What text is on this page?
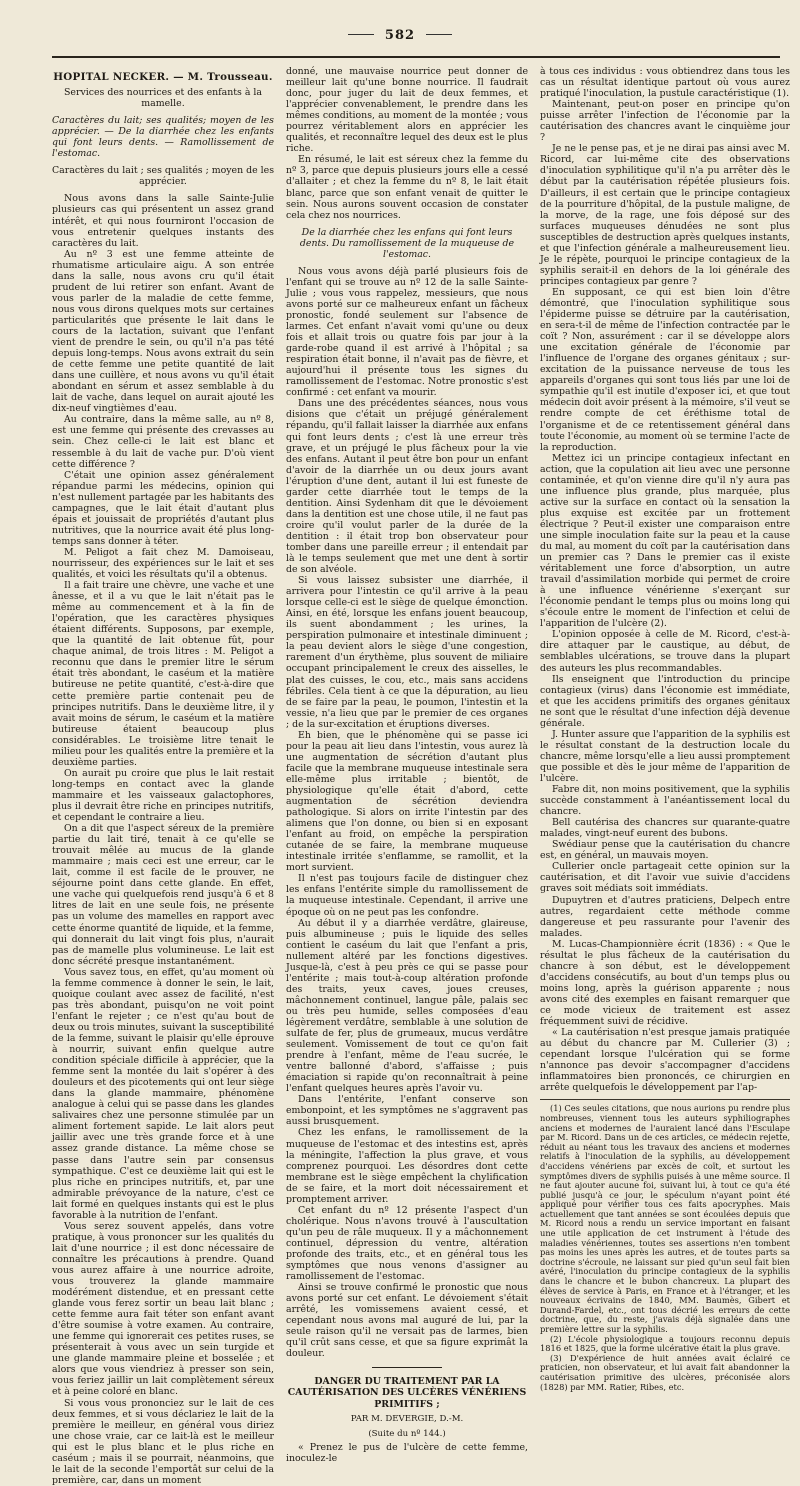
582

HOPITAL NECKER. — M. Trousseau.

Services des nourrices et des enfants à la mamelle.

Caractères du lait; ses qualités; moyen de les apprécier. — De la diarrhée chez les enfants qui font leurs dents. — Ramollissement de l'estomac.

Caractères du lait ; ses qualités ; moyen de les apprécier.

Nous avons dans la salle Sainte-Julie plusieurs cas qui présentent un assez grand intérêt, et qui nous fourniront l'occasion de vous entretenir quelques instants des caractères du lait.

Au nº 3 est une femme atteinte de rhumatisme articulaire aigu. A son entrée dans la salle, nous avons cru qu'il était prudent de lui retirer son enfant. Avant de vous parler de la maladie de cette femme, nous vous dirons quelques mots sur certaines particularités que présente le lait dans le cours de la lactation, suivant que l'enfant vient de prendre le sein, ou qu'il n'a pas tété depuis long-temps. Nous avons extrait du sein de cette femme une petite quantité de lait dans une cuillère, et nous avons vu qu'il était abondant en sérum et assez semblable à du lait de vache, dans lequel on aurait ajouté les dix-neuf vingtièmes d'eau.

Au contraire, dans la même salle, au nº 8, est une femme qui présente des crevasses au sein. Chez celle-ci le lait est blanc et ressemble à du lait de vache pur. D'où vient cette différence ?

C'était une opinion assez généralement répandue parmi les médecins, opinion qui n'est nullement partagée par les habitants des campagnes, que le lait était d'autant plus épais et jouissait de propriétés d'autant plus nutritives, que la nourrice avait été plus long-temps sans donner à téter.

M. Peligot a fait chez M. Damoiseau, nourrisseur, des expériences sur le lait et ses qualités, et voici les résultats qu'il a obtenus.

Il a fait traire une chèvre, une vache et une ânesse, et il a vu que le lait n'était pas le même au commencement et à la fin de l'opération, que les caractères physiques étaient différents. Supposons, par exemple, que la quantité de lait obtenue fût, pour chaque animal, de trois litres : M. Peligot a reconnu que dans le premier litre le sérum était très abondant, le caséum et la matière butireuse ne petite quantité, c'est-à-dire que cette première partie contenait peu de principes nutritifs. Dans le deuxième litre, il y avait moins de sérum, le caséum et la matière butireuse étaient beaucoup plus considérables. Le troisième litre tenait le milieu pour les qualités entre la première et la deuxième parties.

On aurait pu croire que plus le lait restait long-temps en contact avec la glande mammaire et les vaisseaux galactophores, plus il devrait être riche en principes nutritifs, et cependant le contraire a lieu.

On a dit que l'aspect séreux de la première partie du lait tiré, tenait à ce qu'elle se trouvait mêlée au mucus de la glande mammaire ; mais ceci est une erreur, car le lait, comme il est facile de le prouver, ne séjourne point dans cette glande. En effet, une vache qui quelquefois rend jusqu'à 6 et 8 litres de lait en une seule fois, ne présente pas un volume des mamelles en rapport avec cette énorme quantité de liquide, et la femme, qui donnerait du lait vingt fois plus, n'aurait pas de mamelle plus volumineuse. Le lait est donc sécrété presque instantanément.

Vous savez tous, en effet, qu'au moment où la femme commence à donner le sein, le lait, quoique coulant avec assez de facilité, n'est pas très abondant, puisqu'on ne voit point l'enfant le rejeter ; ce n'est qu'au bout de deux ou trois minutes, suivant la susceptibilité de la femme, suivant le plaisir qu'elle éprouve à nourrir, suivant enfin quelque autre condition spéciale difficile à apprécier, que la femme sent la montée du lait s'opérer à des douleurs et des picotements qui ont leur siège dans la glande mammaire, phénomène analogue à celui qui se passe dans les glandes salivaires chez une personne stimulée par un aliment fortement sapide. Le lait alors peut jaillir avec une très grande force et à une assez grande distance. La même chose se passe dans l'autre sein par consensus sympathique. C'est ce deuxième lait qui est le plus riche en principes nutritifs, et, par une admirable prévoyance de la nature, c'est ce lait formé en quelques instants qui est le plus favorable à la nutrition de l'enfant.

Vous serez souvent appelés, dans votre pratique, à vous prononcer sur les qualités du lait d'une nourrice ; il est donc nécessaire de connaître les précautions à prendre. Quand vous aurez affaire à une nourrice adroite, vous trouverez la glande mammaire modérément distendue, et en pressant cette glande vous ferez sortir un beau lait blanc ; cette femme aura fait téter son enfant avant d'être soumise à votre examen. Au contraire, une femme qui ignorerait ces petites ruses, se présenterait à vous avec un sein turgide et une glande mammaire pleine et bosselée ; et alors que vous viendriez à presser son sein, vous feriez jaillir un lait complètement séreux et à peine coloré en blanc.

Si vous vous prononciez sur le lait de ces deux femmes, et si vous déclariez le lait de la première le meilleur, en général vous diriez une chose vraie, car ce lait-là est le meilleur qui est le plus blanc et le plus riche en caséum ; mais il se pourrait, néanmoins, que le lait de la seconde l'emportât sur celui de la première, car, dans un moment

donné, une mauvaise nourrice peut donner de meilleur lait qu'une bonne nourrice. Il faudrait donc, pour juger du lait de deux femmes, et l'apprécier convenablement, le prendre dans les mêmes conditions, au moment de la montée ; vous pourrez véritablement alors en apprécier les qualités, et reconnaître lequel des deux est le plus riche.

En résumé, le lait est séreux chez la femme du nº 3, parce que depuis plusieurs jours elle a cessé d'allaiter ; et chez la femme du nº 8, le lait était blanc, parce que son enfant venait de quitter le sein. Nous aurons souvent occasion de constater cela chez nos nourrices.

De la diarrhée chez les enfans qui font leurs dents. Du ramollissement de la muqueuse de l'estomac.

Nous vous avons déjà parlé plusieurs fois de l'enfant qui se trouve au nº 12 de la salle Sainte-Julie ; vous vous rappelez, messieurs, que nous avons porté sur ce malheureux enfant un fâcheux pronostic, fondé seulement sur l'absence de larmes. Cet enfant n'avait vomi qu'une ou deux fois et allait trois ou quatre fois par jour à la garde-robe quand il est arrivé à l'hôpital ; sa respiration était bonne, il n'avait pas de fièvre, et aujourd'hui il présente tous les signes du ramollissement de l'estomac. Notre pronostic s'est confirmé : cet enfant va mourir.

Dans une des précédentes séances, nous vous disions que c'était un préjugé généralement répandu, qu'il fallait laisser la diarrhée aux enfans qui font leurs dents ; c'est là une erreur très grave, et un préjugé le plus fâcheux pour la vie des enfans. Autant il peut être bon pour un enfant d'avoir de la diarrhée un ou deux jours avant l'éruption d'une dent, autant il lui est funeste de garder cette diarrhée tout le temps de la dentition. Ainsi Sydenham dit que le dévoiement dans la dentition est une chose utile, il ne faut pas croire qu'il voulut parler de la durée de la dentition : il était trop bon observateur pour tomber dans une pareille erreur ; il entendait par là le temps seulement que met une dent à sortir de son alvéole.

Si vous laissez subsister une diarrhée, il arrivera pour l'intestin ce qu'il arrive à la peau lorsque celle-ci est le siège de quelque émonction. Ainsi, en été, lorsque les enfans jouent beaucoup, ils suent abondamment ; les urines, la perspiration pulmonaire et intestinale diminuent ; la peau devient alors le siège d'une congestion, rarement d'un érythème, plus souvent de miliaire occupant principalement le creux des aisselles, le plat des cuisses, le cou, etc., mais sans accidens fébriles. Cela tient à ce que la dépuration, au lieu de se faire par la peau, le poumon, l'intestin et la vessie, n'a lieu que par le premier de ces organes ; de la sur-excitation et éruptions diverses.

Eh bien, que le phénomène qui se passe ici pour la peau ait lieu dans l'intestin, vous aurez là une augmentation de sécrétion d'autant plus facile que la membrane muqueuse intestinale sera elle-même plus irritable ; bientôt, de physiologique qu'elle était d'abord, cette augmentation de sécrétion deviendra pathologique. Si alors on irrite l'intestin par des alimens que l'on donne, ou bien si en exposant l'enfant au froid, on empêche la perspiration cutanée de se faire, la membrane muqueuse intestinale irritée s'enflamme, se ramollit, et la mort survient.

Il n'est pas toujours facile de distinguer chez les enfans l'entérite simple du ramollissement de la muqueuse intestinale. Cependant, il arrive une époque où on ne peut pas les confondre.

Au début il y a diarrhée verdâtre, glaireuse, puis albumineuse ; puis le liquide des selles contient le caséum du lait que l'enfant a pris, nullement altéré par les fonctions digestives. Jusque-là, c'est à peu près ce qui se passe pour l'entérite ; mais tout-à-coup altération profonde des traits, yeux caves, joues creuses, mâchonnement continuel, langue pâle, palais sec ou très peu humide, selles composées d'eau légèrement verdâtre, semblable à une solution de sulfate de fer, plus de grumeaux, mucus verdâtre seulement. Vomissement de tout ce qu'on fait prendre à l'enfant, même de l'eau sucrée, le ventre ballonné d'abord, s'affaisse ; puis émaciation si rapide qu'on reconnaîtrait à peine l'enfant quelques heures après l'avoir vu.

Dans l'entérite, l'enfant conserve son embonpoint, et les symptômes ne s'aggravent pas aussi brusquement.

Chez les enfans, le ramollissement de la muqueuse de l'estomac et des intestins est, après la méningite, l'affection la plus grave, et vous comprenez pourquoi. Les désordres dont cette membrane est le siège empêchent la chylification de se faire, et la mort doit nécessairement et promptement arriver.

Cet enfant du nº 12 présente l'aspect d'un cholérique. Nous n'avons trouvé à l'auscultation qu'un peu de râle muqueux. Il y a mâchonnement continuel, dépression du ventre, altération profonde des traits, etc., et en général tous les symptômes que nous venons d'assigner au ramollissement de l'estomac.

Ainsi se trouve confirmé le pronostic que nous avons porté sur cet enfant. Le dévoiement s'était arrêté, les vomissemens avaient cessé, et cependant nous avons mal auguré de lui, par la seule raison qu'il ne versait pas de larmes, bien qu'il crût sans cesse, et que sa figure exprimât la douleur.

DANGER DU TRAITEMENT PAR LA CAUTÉRISATION DES ULCÈRES VÉNÉRIENS PRIMITIFS ;

PAR M. DEVERGIE, D.-M.

(Suite du nº 144.)

« Prenez le pus de l'ulcère de cette femme, inoculez-le

à tous ces individus : vous obtiendrez dans tous les cas un résultat identique partout où vous aurez pratiqué l'inoculation, la pustule caractéristique (1).

Maintenant, peut-on poser en principe qu'on puisse arrêter l'infection de l'économie par la cautérisation des chancres avant le cinquième jour ?

Je ne le pense pas, et je ne dirai pas ainsi avec M. Ricord, car lui-même cite des observations d'inoculation syphilitique qu'il n'a pu arrêter dès le début par la cautérisation répétée plusieurs fois. D'ailleurs, il est certain que le principe contagieux de la pourriture d'hôpital, de la pustule maligne, de la morve, de la rage, une fois déposé sur des surfaces muqueuses dénudées ne sont plus susceptibles de destruction après quelques instants, et que l'infection générale a malheureusement lieu. Je le répète, pourquoi le principe contagieux de la syphilis serait-il en dehors de la loi générale des principes contagieux par genre ?

En supposant, ce qui est bien loin d'être démontré, que l'inoculation syphilitique sous l'épiderme puisse se détruire par la cautérisation, en sera-t-il de même de l'infection contractée par le coït ? Non, assurément : car il se développe alors une excitation générale de l'économie par l'influence de l'organe des organes génitaux ; sur-excitation de la puissance nerveuse de tous les appareils d'organes qui sont tous liés par une loi de sympathie qu'il est inutile d'exposer ici, et que tout médecin doit avoir présent à la mémoire, s'il veut se rendre compte de cet éréthisme total de l'organisme et de ce retentissement général dans toute l'économie, au moment où se termine l'acte de la reproduction.

Mettez ici un principe contagieux infectant en action, que la copulation ait lieu avec une personne contaminée, et qu'on vienne dire qu'il n'y aura pas une influence plus grande, plus marquée, plus active sur la surface en contact où la sensation la plus exquise est excitée par un frottement électrique ? Peut-il exister une comparaison entre une simple inoculation faite sur la peau et la cause du mal, au moment du coït par la cautérisation dans un premier cas ? Dans le premier cas il existe véritablement une force d'absorption, un autre travail d'assimilation morbide qui permet de croire à une influence vénérienne s'exerçant sur l'économie pendant le temps plus ou moins long qui s'écoule entre le moment de l'infection et celui de l'apparition de l'ulcère (2).

L'opinion opposée à celle de M. Ricord, c'est-à-dire attaquer par le caustique, au début, de semblables ulcérations, se trouve dans la plupart des auteurs les plus recommandables.

Ils enseignent que l'introduction du principe contagieux (virus) dans l'économie est immédiate, et que les accidens primitifs des organes génitaux ne sont que le résultat d'une infection déjà devenue générale.

J. Hunter assure que l'apparition de la syphilis est le résultat constant de la destruction locale du chancre, même lorsqu'elle a lieu aussi promptement que possible et dès le jour même de l'apparition de l'ulcère.

Fabre dit, non moins positivement, que la syphilis succède constamment à l'anéantissement local du chancre.

Bell cautérisa des chancres sur quarante-quatre malades, vingt-neuf eurent des bubons.

Swédiaur pense que la cautérisation du chancre est, en général, un mauvais moyen.

Cullerier oncle partageait cette opinion sur la cautérisation, et dit l'avoir vue suivie d'accidens graves soit médiats soit immédiats.

Dupuytren et d'autres praticiens, Delpech entre autres, regardaient cette méthode comme dangereuse et peu rassurante pour l'avenir des malades.

M. Lucas-Championnière écrit (1836) : « Que le résultat le plus fâcheux de la cautérisation du chancre à son début, est le développement d'accidens consécutifs, au bout d'un temps plus ou moins long, après la guérison apparente ; nous avons cité des exemples en faisant remarquer que ce mode vicieux de traitement est assez fréquemment suivi de récidive.

« La cautérisation n'est presque jamais pratiquée au début du chancre par M. Cullerier (3) ; cependant lorsque l'ulcération qui se forme n'annonce pas devoir s'accompagner d'accidens inflammatoires bien prononcés, ce chirurgien en arrête quelquefois le développement par l'ap-

(1) Ces seules citations, que nous aurions pu rendre plus nombreuses, viennent tous les auteurs syphiliographes anciens et modernes de l'auraient lancé dans l'Esculape par M. Ricord. Dans un de ces articles, ce médecin rejette, réduit au néant tous les travaux des anciens et modernes relatifs à l'inoculation de la syphilis, au développement d'accidens vénériens par excès de coït, et surtout les symptômes divers de syphilis puisés à une même source. Il ne faut ajouter aucune foi, suivant lui, à tout ce qu'a été publié jusqu'à ce jour, le spéculum n'ayant point été appliqué pour vérifier tous ces faits apocryphes. Mais actuellement que tant années se sont écoulées depuis que M. Ricord nous a rendu un service important en faisant une utile application de cet instrument à l'étude des maladies vénériennes, toutes ses assertions n'en tombent pas moins les unes après les autres, et de toutes parts sa doctrine s'écroule, ne laissant sur pied qu'un seul fait bien avéré, l'inoculation du principe contagieux de la syphilis dans le chancre et le bubon chancreux. La plupart des élèves de service à Paris, en France et à l'étranger, et les nouveaux écrivains de 1840, MM. Baumès, Gibert et Durand-Fardel, etc., ont tous décrié les erreurs de cette doctrine, que, du reste, j'avais déjà signalée dans une première lettre sur la syphilis.

(2) L'école physiologique a toujours reconnu depuis 1816 et 1825, que la forme ulcérative était la plus grave.

(3) D'expérience de huit années avait éclairé ce praticien, non observateur, et lui avait fait abandonner la cautérisation primitive des ulcères, préconisée alors (1828) par MM. Ratier, Ribes, etc.
